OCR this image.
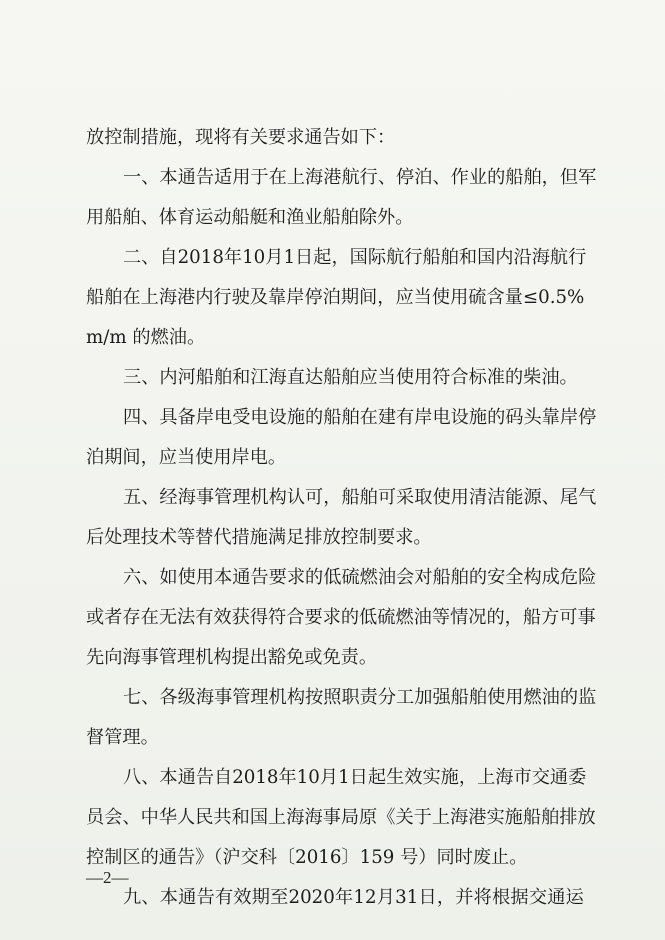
放控制措施，现将有关要求通告如下：
一 、 本 通 告 适 用 于 在 上 海 港 航 行 、 停 泊 、 作 业 的 船 舶 ， 但 军
用船舶、体育运动船艇和渔业船舶除外。
二 、 自 2018 年 10 月 1 日 起 ， 国 际 航 行 船 舶 和 国 内 沿 海 航 行
船 舶 在 上 海 港 内 行 驶 及 靠 岸 停 泊 期 间 ， 应 当 使 用 硫 含 量 ≤ 0.5%
m/m 的燃油。
三、内河船舶和江海直达船舶应当使用符合标准的柴油。
四 、 具 备 岸 电 受 电 设 施 的 船 舶 在 建 有 岸 电 设 施 的 码 头 靠 岸 停
泊期间，应当使用岸电。
五 、 经 海 事 管 理 机 构 认 可 ， 船 舶 可 采 取 使 用 清 洁 能 源 、 尾 气
后处理技术等替代措施满足排放控制要求。
六 、 如 使 用 本 通 告 要 求 的 低 硫 燃 油 会 对 船 舶 的 安 全 构 成 危 险
或 者 存 在 无 法 有 效 获 得 符 合 要 求 的 低 硫 燃 油 等 情 况 的 ， 船 方 可 事
先向海事管理机构提出豁免或免责。
七 、 各 级 海 事 管 理 机 构 按 照 职 责 分 工 加 强 船 舶 使 用 燃 油 的 监
督管理。
八 、 本 通 告 自 2018 年 10 月 1 日 起 生 效 实 施 ， 上 海 市 交 通 委
员 会 、 中 华 人 民 共 和 国 上 海 海 事 局 原 《 关 于 上 海 港 实 施 船 舶 排 放
控制区的通告》（沪交科〔2016〕159 号）同时废止。
九 、 本 通 告 有 效 期 至 2020 年 12 月 31 日 ， 并 将 根 据 交 通 运
—2—
